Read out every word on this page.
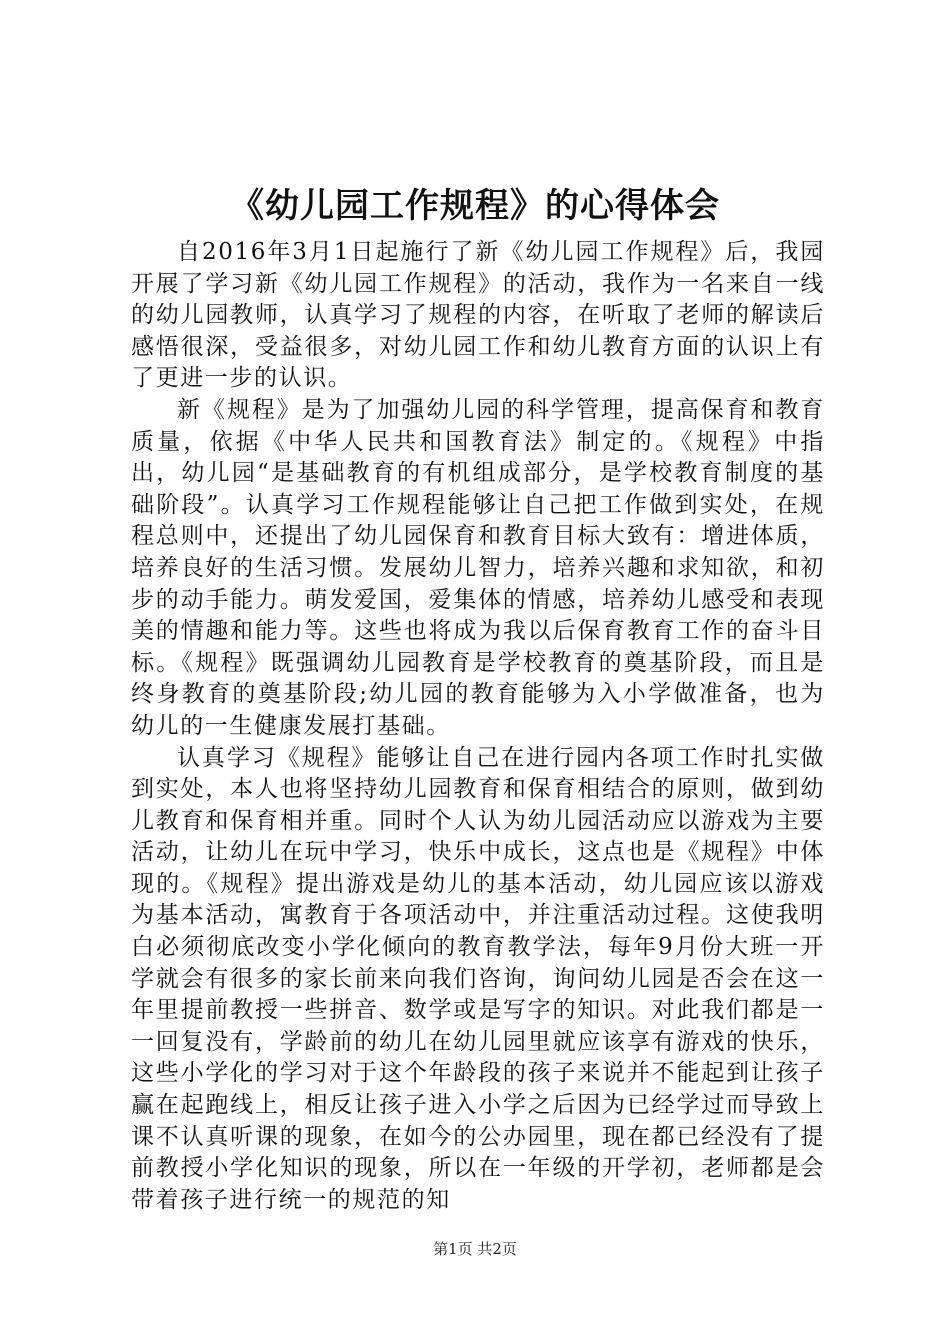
《幼儿园工作规程》的心得体会

自2016年3月1日起施行了新《幼儿园工作规程》后，我园开展了学习新《幼儿园工作规程》的活动，我作为一名来自一线的幼儿园教师，认真学习了规程的内容，在听取了老师的解读后感悟很深，受益很多，对幼儿园工作和幼儿教育方面的认识上有了更进一步的认识。

新《规程》是为了加强幼儿园的科学管理，提高保育和教育质量，依据《中华人民共和国教育法》制定的。《规程》中指出，幼儿园“是基础教育的有机组成部分，是学校教育制度的基础阶段”。认真学习工作规程能够让自己把工作做到实处，在规程总则中，还提出了幼儿园保育和教育目标大致有：增进体质，培养良好的生活习惯。发展幼儿智力，培养兴趣和求知欲，和初步的动手能力。萌发爱国，爱集体的情感，培养幼儿感受和表现美的情趣和能力等。这些也将成为我以后保育教育工作的奋斗目标。《规程》既强调幼儿园教育是学校教育的奠基阶段，而且是终身教育的奠基阶段;幼儿园的教育能够为入小学做准备，也为幼儿的一生健康发展打基础。

认真学习《规程》能够让自己在进行园内各项工作时扎实做到实处，本人也将坚持幼儿园教育和保育相结合的原则，做到幼儿教育和保育相并重。同时个人认为幼儿园活动应以游戏为主要活动，让幼儿在玩中学习，快乐中成长，这点也是《规程》中体现的。《规程》提出游戏是幼儿的基本活动，幼儿园应该以游戏为基本活动，寓教育于各项活动中，并注重活动过程。这使我明白必须彻底改变小学化倾向的教育教学法，每年9月份大班一开学就会有很多的家长前来向我们咨询，询问幼儿园是否会在这一年里提前教授一些拼音、数学或是写字的知识。对此我们都是一一回复没有，学龄前的幼儿在幼儿园里就应该享有游戏的快乐，这些小学化的学习对于这个年龄段的孩子来说并不能起到让孩子赢在起跑线上，相反让孩子进入小学之后因为已经学过而导致上课不认真听课的现象，在如今的公办园里，现在都已经没有了提前教授小学化知识的现象，所以在一年级的开学初，老师都是会带着孩子进行统一的规范的知

第1页 共2页
